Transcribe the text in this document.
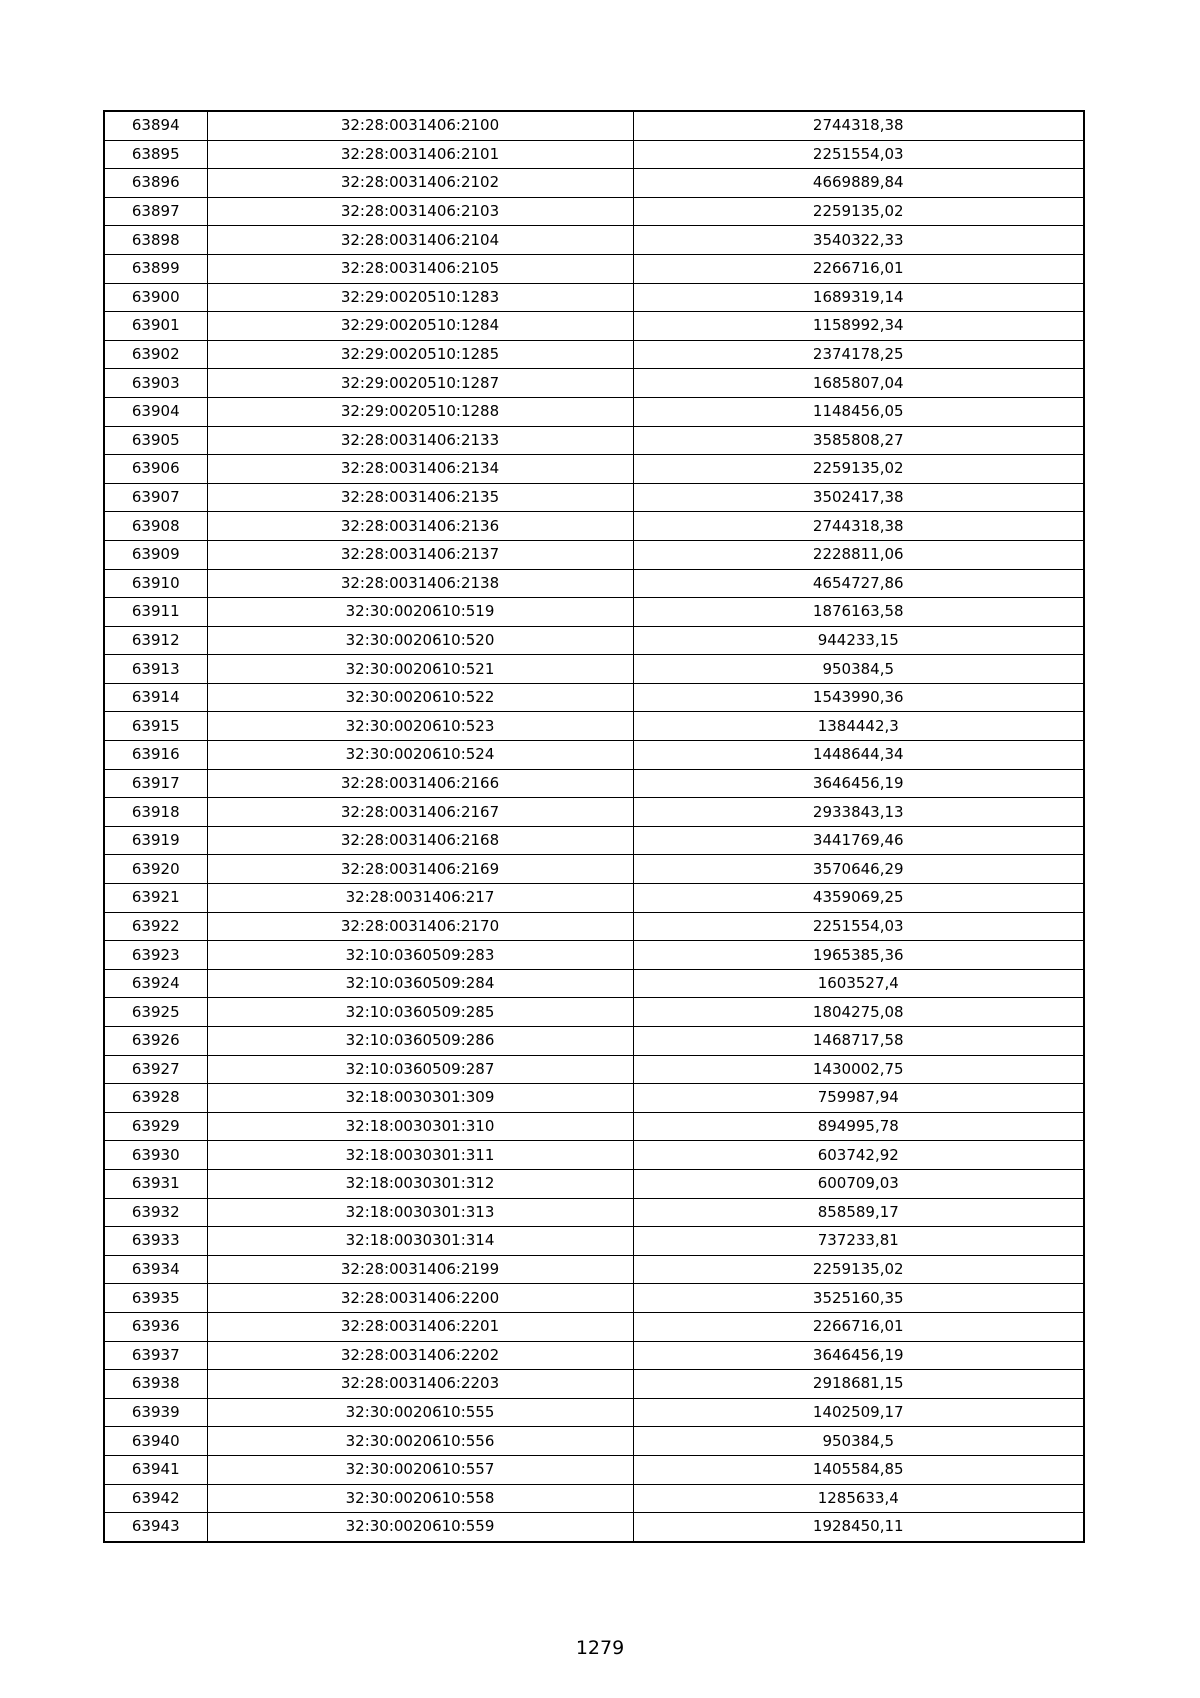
63894	32:28:0031406:2100	2744318,38
63895	32:28:0031406:2101	2251554,03
63896	32:28:0031406:2102	4669889,84
63897	32:28:0031406:2103	2259135,02
63898	32:28:0031406:2104	3540322,33
63899	32:28:0031406:2105	2266716,01
63900	32:29:0020510:1283	1689319,14
63901	32:29:0020510:1284	1158992,34
63902	32:29:0020510:1285	2374178,25
63903	32:29:0020510:1287	1685807,04
63904	32:29:0020510:1288	1148456,05
63905	32:28:0031406:2133	3585808,27
63906	32:28:0031406:2134	2259135,02
63907	32:28:0031406:2135	3502417,38
63908	32:28:0031406:2136	2744318,38
63909	32:28:0031406:2137	2228811,06
63910	32:28:0031406:2138	4654727,86
63911	32:30:0020610:519	1876163,58
63912	32:30:0020610:520	944233,15
63913	32:30:0020610:521	950384,5
63914	32:30:0020610:522	1543990,36
63915	32:30:0020610:523	1384442,3
63916	32:30:0020610:524	1448644,34
63917	32:28:0031406:2166	3646456,19
63918	32:28:0031406:2167	2933843,13
63919	32:28:0031406:2168	3441769,46
63920	32:28:0031406:2169	3570646,29
63921	32:28:0031406:217	4359069,25
63922	32:28:0031406:2170	2251554,03
63923	32:10:0360509:283	1965385,36
63924	32:10:0360509:284	1603527,4
63925	32:10:0360509:285	1804275,08
63926	32:10:0360509:286	1468717,58
63927	32:10:0360509:287	1430002,75
63928	32:18:0030301:309	759987,94
63929	32:18:0030301:310	894995,78
63930	32:18:0030301:311	603742,92
63931	32:18:0030301:312	600709,03
63932	32:18:0030301:313	858589,17
63933	32:18:0030301:314	737233,81
63934	32:28:0031406:2199	2259135,02
63935	32:28:0031406:2200	3525160,35
63936	32:28:0031406:2201	2266716,01
63937	32:28:0031406:2202	3646456,19
63938	32:28:0031406:2203	2918681,15
63939	32:30:0020610:555	1402509,17
63940	32:30:0020610:556	950384,5
63941	32:30:0020610:557	1405584,85
63942	32:30:0020610:558	1285633,4
63943	32:30:0020610:559	1928450,11
1279
